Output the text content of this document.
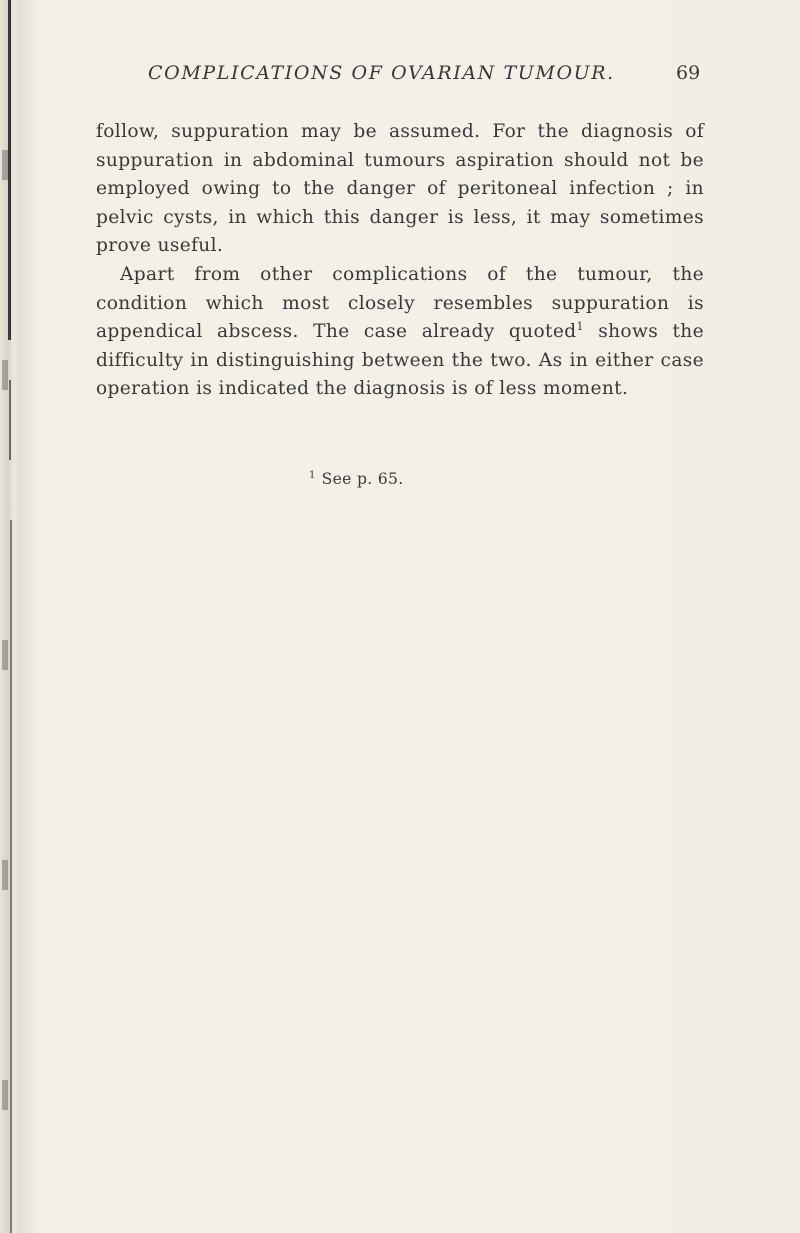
COMPLICATIONS OF OVARIAN TUMOUR.	69

follow, suppuration may be assumed. For the diagnosis of suppuration in abdominal tumours aspiration should not be employed owing to the danger of peritoneal infection ; in pelvic cysts, in which this danger is less, it may sometimes prove useful.

Apart from other complications of the tumour, the condition which most closely resembles suppuration is appendical abscess. The case already quoted$^1$ shows the difficulty in distinguishing between the two. As in either case operation is indicated the diagnosis is of less moment.

$^1$ See p. 65.
